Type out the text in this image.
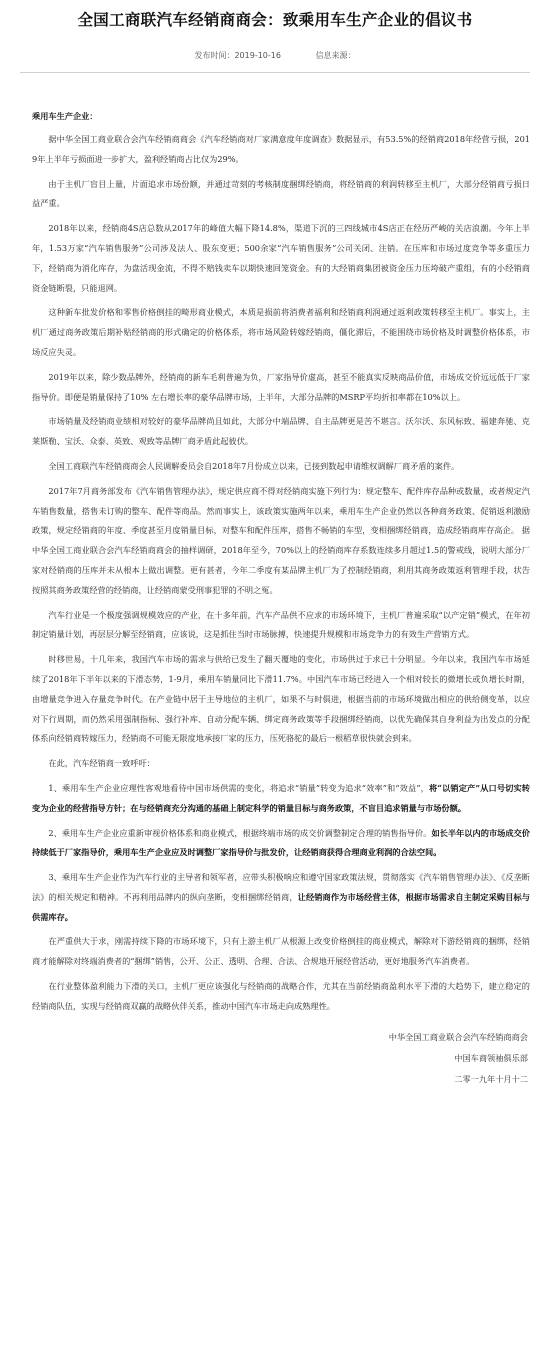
全国工商联汽车经销商商会：致乘用车生产企业的倡议书
发布时间：2019-10-16	信息来源：

乘用车生产企业：

据中华全国工商业联合会汽车经销商商会《汽车经销商对厂家满意度年度调查》数据显示，有53.5%的经销商2018年经营亏损，2019年上半年亏损面进一步扩大，盈利经销商占比仅为29%。

由于主机厂盲目上量，片面追求市场份额，并通过苛刻的考核制度捆绑经销商，将经销商的利润转移至主机厂，大部分经销商亏损日益严重。

2018年以来，经销商4S店总数从2017年的峰值大幅下降14.8%，渠道下沉的三四线城市4S店正在经历严峻的关店浪潮。今年上半年，1.53万家“汽车销售服务”公司涉及法人、股东变更；500余家“汽车销售服务”公司关闭、注销。在压库和市场过度竞争等多重压力下，经销商为消化库存，为盘活现金流，不得不赔钱卖车以期快速回笼资金。有的大经销商集团被资金压力压垮破产重组，有的小经销商资金链断裂，只能退网。

这种新车批发价格和零售价格倒挂的畸形商业模式，本质是损前将消费者福利和经销商利润通过返利政策转移至主机厂。事实上，主机厂通过商务政策后期补贴经销商的形式确定的价格体系，将市场风险转嫁经销商，僵化滞后，不能围绕市场价格及时调整价格体系，市场反应失灵。

2019年以来，除少数品牌外，经销商的新车毛利普遍为负，厂家指导价虚高，甚至不能真实反映商品价值，市场成交价远远低于厂家指导价。即便是销量保持了10% 左右增长率的豪华品牌市场，上半年，大部分品牌的MSRP平均折扣率都在10%以上。

市场销量及经销商业绩相对较好的豪华品牌尚且如此，大部分中端品牌、自主品牌更是苦不堪言。沃尔沃、东风标致、福建奔驰、克莱斯勒、宝沃、众泰、英致、观致等品牌厂商矛盾此起彼伏。

全国工商联汽车经销商商会人民调解委员会自2018年7月份成立以来，已接到数起申请维权调解厂商矛盾的案件。

2017年7月商务部发布《汽车销售管理办法》，规定供应商不得对经销商实施下列行为：规定整车、配件库存品种或数量，或者规定汽车销售数量，搭售未订购的整车、配件等商品。然而事实上，该政策实施两年以来，乘用车生产企业仍然以各种商务政策、促销返利激励政策，规定经销商的年度、季度甚至月度销量目标，对整车和配件压库，搭售不畅销的车型，变相捆绑经销商，造成经销商库存高企。 据中华全国工商业联合会汽车经销商商会的抽样调研，2018年至今，70%以上的经销商库存系数连续多月超过1.5的警戒线，说明大部分厂家对经销商的压库并未从根本上做出调整。更有甚者，今年二季度有某品牌主机厂为了控制经销商，利用其商务政策返利管理手段，状告按照其商务政策经营的经销商，让经销商蒙受刑事犯罪的不明之冤。

汽车行业是一个极度强调规模效应的产业，在十多年前，汽车产品供不应求的市场环境下，主机厂普遍采取“以产定销”模式，在年初制定销量计划，再层层分解至经销商，应该说，这是抓住当时市场脉搏，快速提升规模和市场竞争力的有效生产营销方式。

时移世易，十几年来，我国汽车市场的需求与供给已发生了翻天覆地的变化，市场供过于求已十分明显。今年以来，我国汽车市场延续了2018年下半年以来的下滑态势，1-9月，乘用车销量同比下滑11.7%。中国汽车市场已经进入一个相对较长的微增长或负增长时期，由增量竞争进入存量竞争时代。在产业链中居于主导地位的主机厂，如果不与时俱进，根据当前的市场环境做出相应的供给侧变革，以应对下行周期，而仍然采用强制指标、强行补库、自动分配车辆、绑定商务政策等手段捆绑经销商，以优先确保其自身利益为出发点的分配体系向经销商转嫁压力，经销商不可能无限度地承接厂家的压力，压死骆驼的最后一根稻草很快就会到来。

在此，汽车经销商一致呼吁：

1、乘用车生产企业应理性客观地看待中国市场供需的变化，将追求“销量”转变为追求“效率”和“效益”，将“以销定产”从口号切实转变为企业的经营指导方针；在与经销商充分沟通的基础上制定科学的销量目标与商务政策，不盲目追求销量与市场份额。

2、乘用车生产企业应重新审视价格体系和商业模式，根据终端市场的成交价调整制定合理的销售指导价。如长半年以内的市场成交价持续低于厂家指导价，乘用车生产企业应及时调整厂家指导价与批发价，让经销商获得合理商业利润的合法空间。

3、乘用车生产企业作为汽车行业的主导者和领军者，应带头积极响应和遵守国家政策法规，贯彻落实《汽车销售管理办法》、《反垄断法》的相关规定和精神。不再利用品牌内的纵向垄断，变相捆绑经销商，让经销商作为市场经营主体，根据市场需求自主制定采购目标与供需库存。

在严重供大于求，刚需持续下降的市场环境下，只有上游主机厂从根源上改变价格倒挂的商业模式，解除对下游经销商的捆绑，经销商才能解除对终端消费者的“捆绑”销售，公开、公正、透明、合理、合法、合规地开展经营活动，更好地服务汽车消费者。

在行业整体盈利能力下滑的关口，主机厂更应该强化与经销商的战略合作，尤其在当前经销商盈利水平下滑的大趋势下，建立稳定的经销商队伍，实现与经销商双赢的战略伙伴关系，推动中国汽车市场走向成熟理性。

中华全国工商业联合会汽车经销商商会

中国车商领袖俱乐部

二零一九年十月十二
